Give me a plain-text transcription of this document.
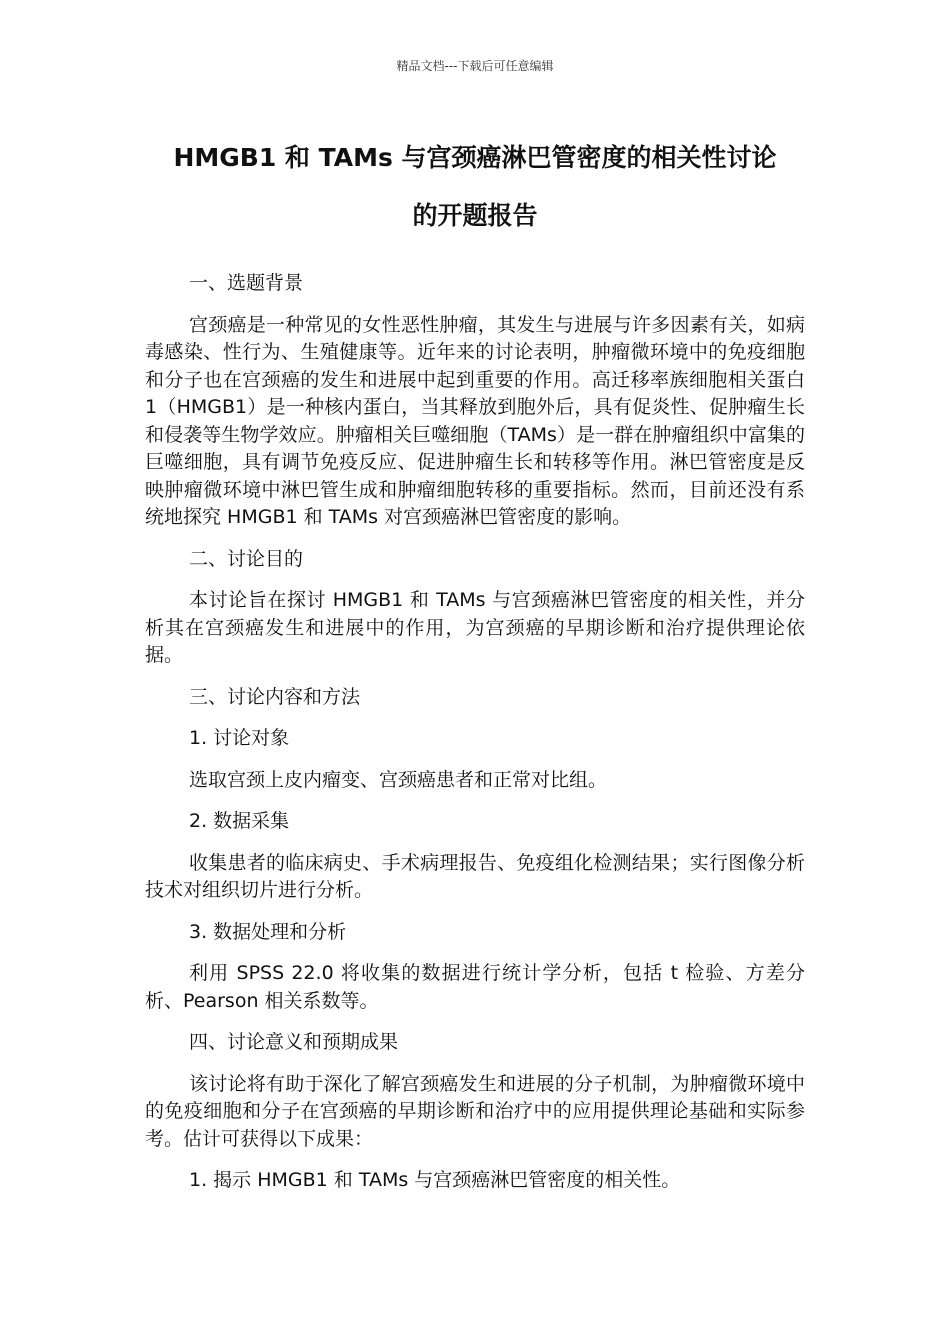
精品文档---下载后可任意编辑
HMGB1 和 TAMs 与宫颈癌淋巴管密度的相关性讨论
的开题报告

一、选题背景

宫颈癌是一种常见的女性恶性肿瘤，其发生与进展与许多因素有关，如病毒感染、性行为、生殖健康等。近年来的讨论表明，肿瘤微环境中的免疫细胞和分子也在宫颈癌的发生和进展中起到重要的作用。高迁移率族细胞相关蛋白 1（HMGB1）是一种核内蛋白，当其释放到胞外后，具有促炎性、促肿瘤生长和侵袭等生物学效应。肿瘤相关巨噬细胞（TAMs）是一群在肿瘤组织中富集的巨噬细胞，具有调节免疫反应、促进肿瘤生长和转移等作用。淋巴管密度是反映肿瘤微环境中淋巴管生成和肿瘤细胞转移的重要指标。然而，目前还没有系统地探究 HMGB1 和 TAMs 对宫颈癌淋巴管密度的影响。

二、讨论目的

本讨论旨在探讨 HMGB1 和 TAMs 与宫颈癌淋巴管密度的相关性，并分析其在宫颈癌发生和进展中的作用，为宫颈癌的早期诊断和治疗提供理论依据。

三、讨论内容和方法

1. 讨论对象

选取宫颈上皮内瘤变、宫颈癌患者和正常对比组。

2. 数据采集

收集患者的临床病史、手术病理报告、免疫组化检测结果；实行图像分析技术对组织切片进行分析。

3. 数据处理和分析

利用 SPSS 22.0 将收集的数据进行统计学分析，包括 t 检验、方差分析、Pearson 相关系数等。

四、讨论意义和预期成果

该讨论将有助于深化了解宫颈癌发生和进展的分子机制，为肿瘤微环境中的免疫细胞和分子在宫颈癌的早期诊断和治疗中的应用提供理论基础和实际参考。估计可获得以下成果：

1. 揭示 HMGB1 和 TAMs 与宫颈癌淋巴管密度的相关性。
